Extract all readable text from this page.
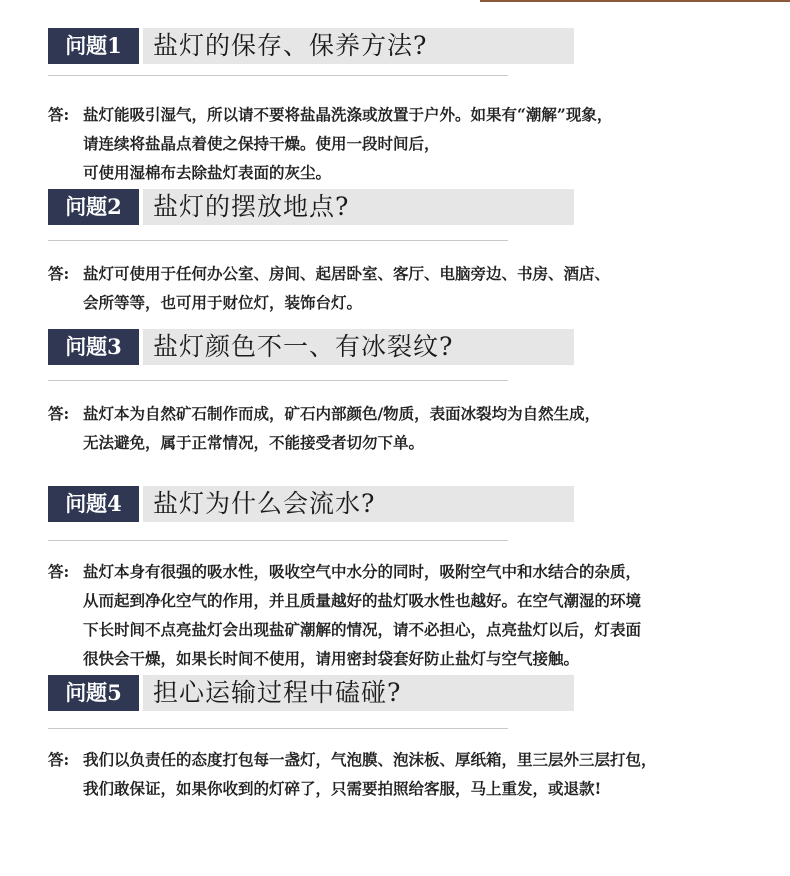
问题1	盐灯的保存、保养方法?
答: 盐灯能吸引湿气，所以请不要将盐晶洗涤或放置于户外。如果有“潮解”现象，
请连续将盐晶点着使之保持干燥。使用一段时间后，
可使用湿棉布去除盐灯表面的灰尘。
问题2	盐灯的摆放地点?
答: 盐灯可使用于任何办公室、房间、起居卧室、客厅、电脑旁边、书房、酒店、
会所等等，也可用于财位灯，装饰台灯。
问题3	盐灯颜色不一、有冰裂纹?
答: 盐灯本为自然矿石制作而成，矿石内部颜色/物质，表面冰裂均为自然生成，
无法避免，属于正常情况，不能接受者切勿下单。
问题4	盐灯为什么会流水?
答: 盐灯本身有很强的吸水性，吸收空气中水分的同时，吸附空气中和水结合的杂质，
从而起到净化空气的作用，并且质量越好的盐灯吸水性也越好。在空气潮湿的环境
下长时间不点亮盐灯会出现盐矿潮解的情况，请不必担心，点亮盐灯以后，灯表面
很快会干燥，如果长时间不使用，请用密封袋套好防止盐灯与空气接触。
问题5	担心运输过程中磕碰?
答: 我们以负责任的态度打包每一盏灯，气泡膜、泡沫板、厚纸箱，里三层外三层打包，
我们敢保证，如果你收到的灯碎了，只需要拍照给客服，马上重发，或退款!
